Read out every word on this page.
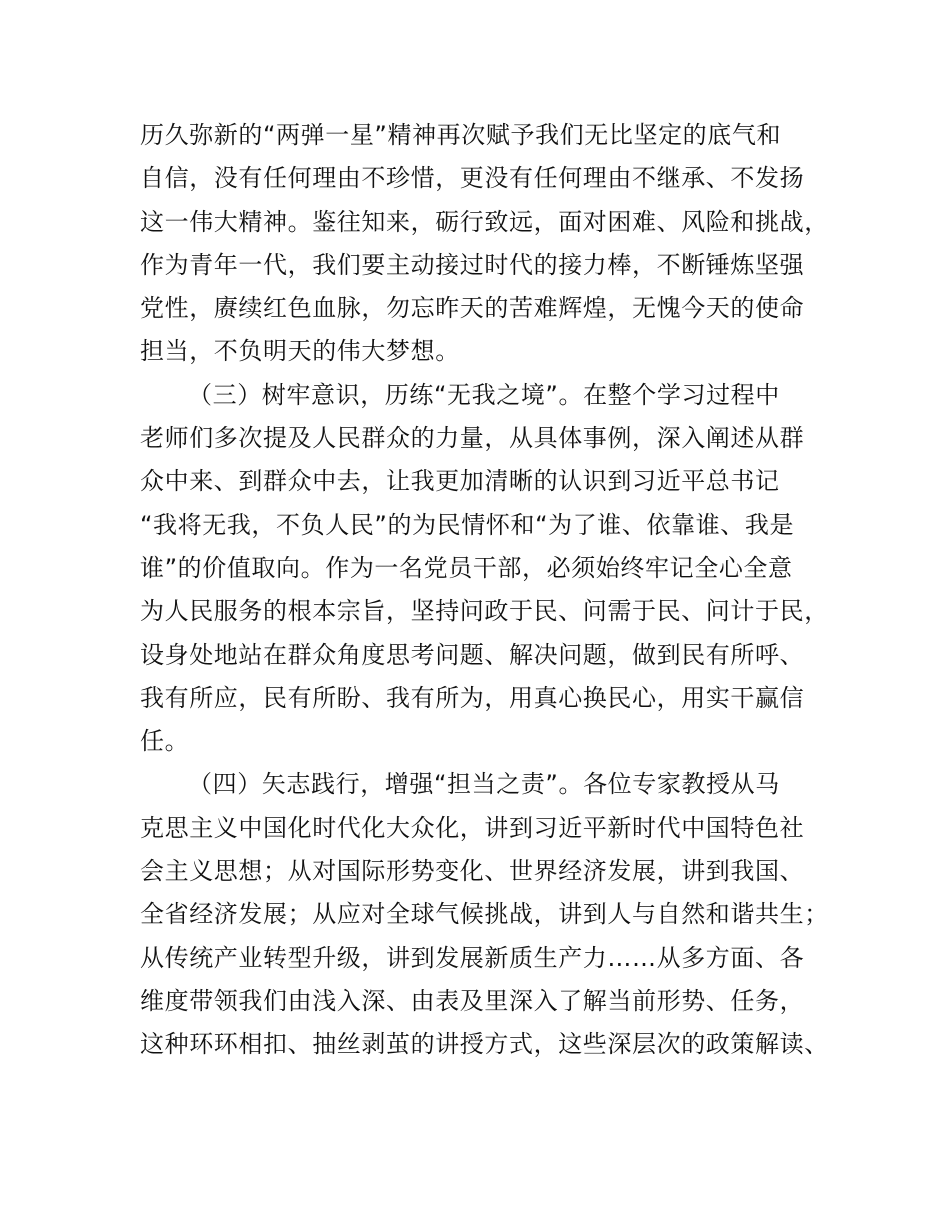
历久弥新的“两弹一星”精神再次赋予我们无比坚定的底气和
自信，没有任何理由不珍惜，更没有任何理由不继承、不发扬
这一伟大精神。鉴往知来，砺行致远，面对困难、风险和挑战，
作为青年一代，我们要主动接过时代的接力棒，不断锤炼坚强
党性，赓续红色血脉，勿忘昨天的苦难辉煌，无愧今天的使命
担当，不负明天的伟大梦想。
（三）树牢意识，历练“无我之境”。在整个学习过程中
老师们多次提及人民群众的力量，从具体事例，深入阐述从群
众中来、到群众中去，让我更加清晰的认识到习近平总书记
“我将无我，不负人民”的为民情怀和“为了谁、依靠谁、我是
谁”的价值取向。作为一名党员干部，必须始终牢记全心全意
为人民服务的根本宗旨，坚持问政于民、问需于民、问计于民，
设身处地站在群众角度思考问题、解决问题，做到民有所呼、
我有所应，民有所盼、我有所为，用真心换民心，用实干赢信
任。
（四）矢志践行，增强“担当之责”。各位专家教授从马
克思主义中国化时代化大众化，讲到习近平新时代中国特色社
会主义思想；从对国际形势变化、世界经济发展，讲到我国、
全省经济发展；从应对全球气候挑战，讲到人与自然和谐共生；
从传统产业转型升级，讲到发展新质生产力……从多方面、各
维度带领我们由浅入深、由表及里深入了解当前形势、任务，
这种环环相扣、抽丝剥茧的讲授方式，这些深层次的政策解读、
